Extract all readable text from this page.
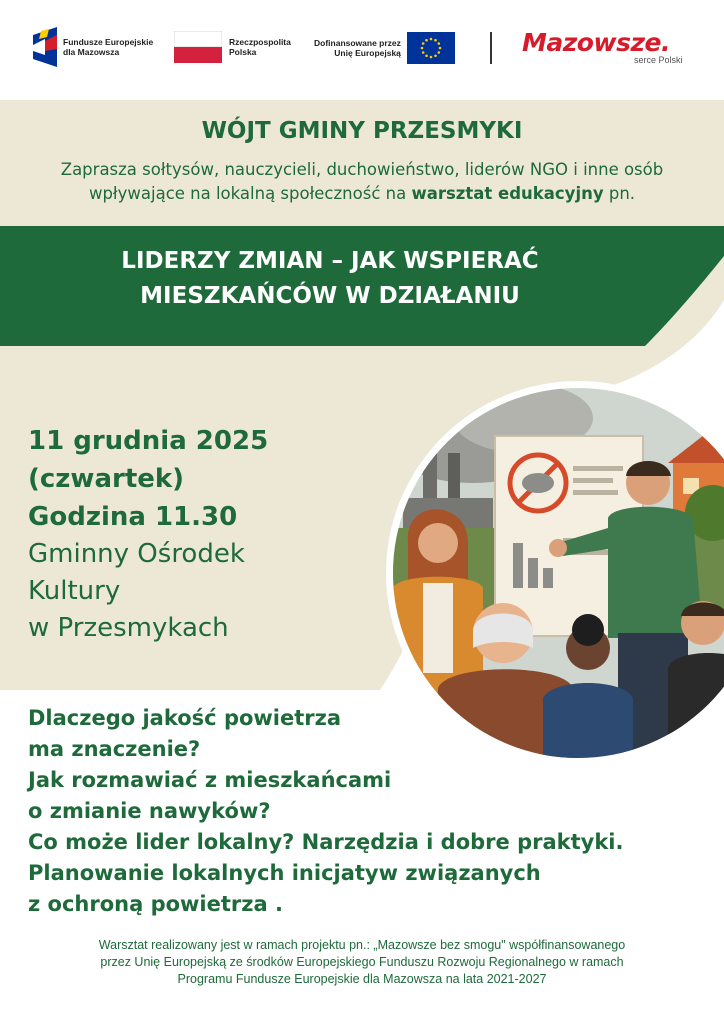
Fundusze Europejskie
dla Mazowsza
Rzeczpospolita
Polska
Dofinansowane przez
Unię Europejską	Mazowsze.
serce Polski
WÓJT GMINY PRZESMYKI
Zaprasza sołtysów, nauczycieli, duchowieństwo, liderów NGO i inne osób wpływające na lokalną społeczność na warsztat edukacyjny pn.
LIDERZY ZMIAN – JAK WSPIERAĆ
MIESZKAŃCÓW W DZIAŁANIU
11 grudnia 2025
(czwartek)
Godzina 11.30
Gminny Ośrodek
Kultury
w Przesmykach
Dlaczego jakość powietrza
ma znaczenie?
Jak rozmawiać z mieszkańcami
o zmianie nawyków?
Co może lider lokalny? Narzędzia i dobre praktyki.
Planowanie lokalnych inicjatyw związanych
z ochroną powietrza .
Warsztat realizowany jest w ramach projektu pn.: „Mazowsze bez smogu" współfinansowanego
przez Unię Europejską ze środków Europejskiego Funduszu Rozwoju Regionalnego w ramach
Programu Fundusze Europejskie dla Mazowsza na lata 2021-2027
